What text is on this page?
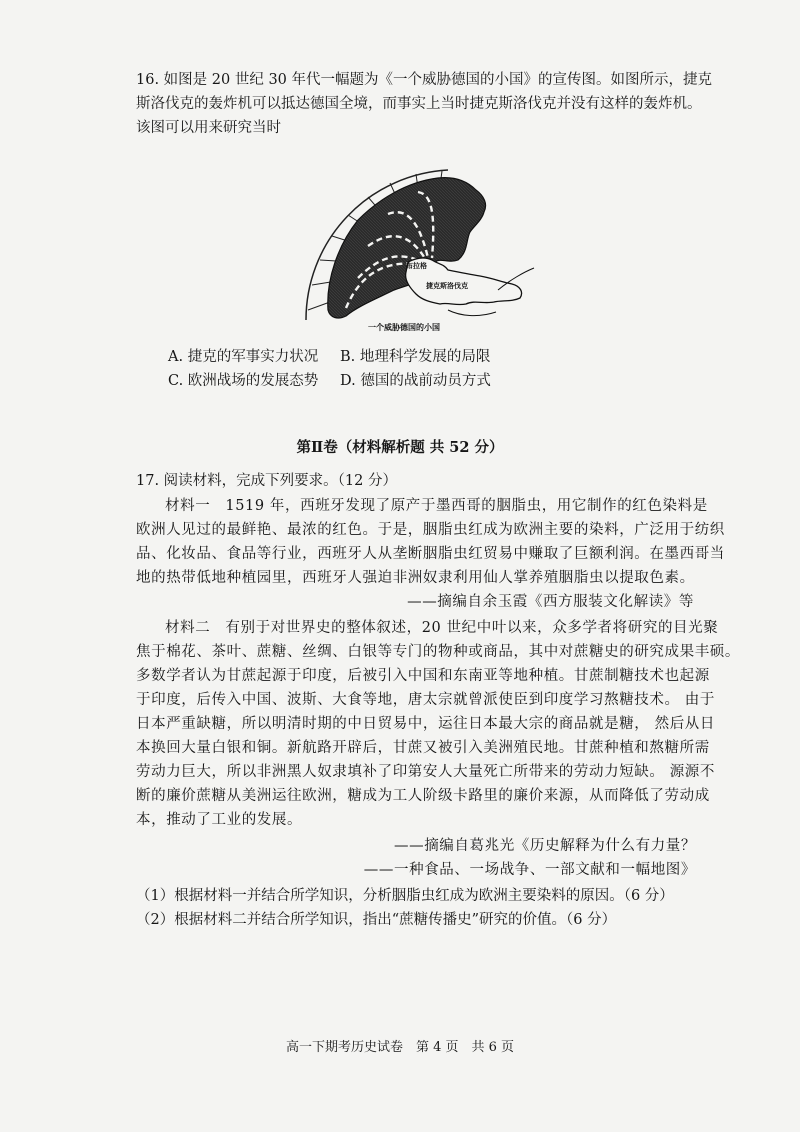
16. 如图是 20 世纪 30 年代一幅题为《一个威胁德国的小国》的宣传图。如图所示，捷克
斯洛伐克的轰炸机可以抵达德国全境，而事实上当时捷克斯洛伐克并没有这样的轰炸机。
该图可以用来研究当时
布拉格
捷克斯洛伐克
一个威胁德国的小国
A. 捷克的军事实力状况 B. 地理科学发展的局限
C. 欧洲战场的发展态势 D. 德国的战前动员方式
第Ⅱ卷（材料解析题 共 52 分）
17. 阅读材料，完成下列要求。（12 分）
材料一　1519 年，西班牙发现了原产于墨西哥的胭脂虫，用它制作的红色染料是
欧洲人见过的最鲜艳、最浓的红色。于是，胭脂虫红成为欧洲主要的染料，广泛用于纺织
品、化妆品、食品等行业，西班牙人从垄断胭脂虫红贸易中赚取了巨额利润。在墨西哥当
地的热带低地种植园里，西班牙人强迫非洲奴隶利用仙人掌养殖胭脂虫以提取色素。
——摘编自余玉霞《西方服装文化解读》等
材料二　有别于对世界史的整体叙述，20 世纪中叶以来，众多学者将研究的目光聚
焦于棉花、茶叶、蔗糖、丝绸、白银等专门的物种或商品，其中对蔗糖史的研究成果丰硕。
多数学者认为甘蔗起源于印度，后被引入中国和东南亚等地种植。甘蔗制糖技术也起源
于印度，后传入中国、波斯、大食等地，唐太宗就曾派使臣到印度学习熬糖技术。 由于
日本严重缺糖，所以明清时期的中日贸易中，运往日本最大宗的商品就是糖， 然后从日
本换回大量白银和铜。新航路开辟后，甘蔗又被引入美洲殖民地。甘蔗种植和熬糖所需
劳动力巨大，所以非洲黑人奴隶填补了印第安人大量死亡所带来的劳动力短缺。 源源不
断的廉价蔗糖从美洲运往欧洲，糖成为工人阶级卡路里的廉价来源，从而降低了劳动成
本，推动了工业的发展。
——摘编自葛兆光《历史解释为什么有力量？
——一种食品、一场战争、一部文献和一幅地图》
（1）根据材料一并结合所学知识，分析胭脂虫红成为欧洲主要染料的原因。（6 分）
（2）根据材料二并结合所学知识，指出“蔗糖传播史”研究的价值。（6 分）
高一下期考历史试卷　第 4 页　共 6 页
